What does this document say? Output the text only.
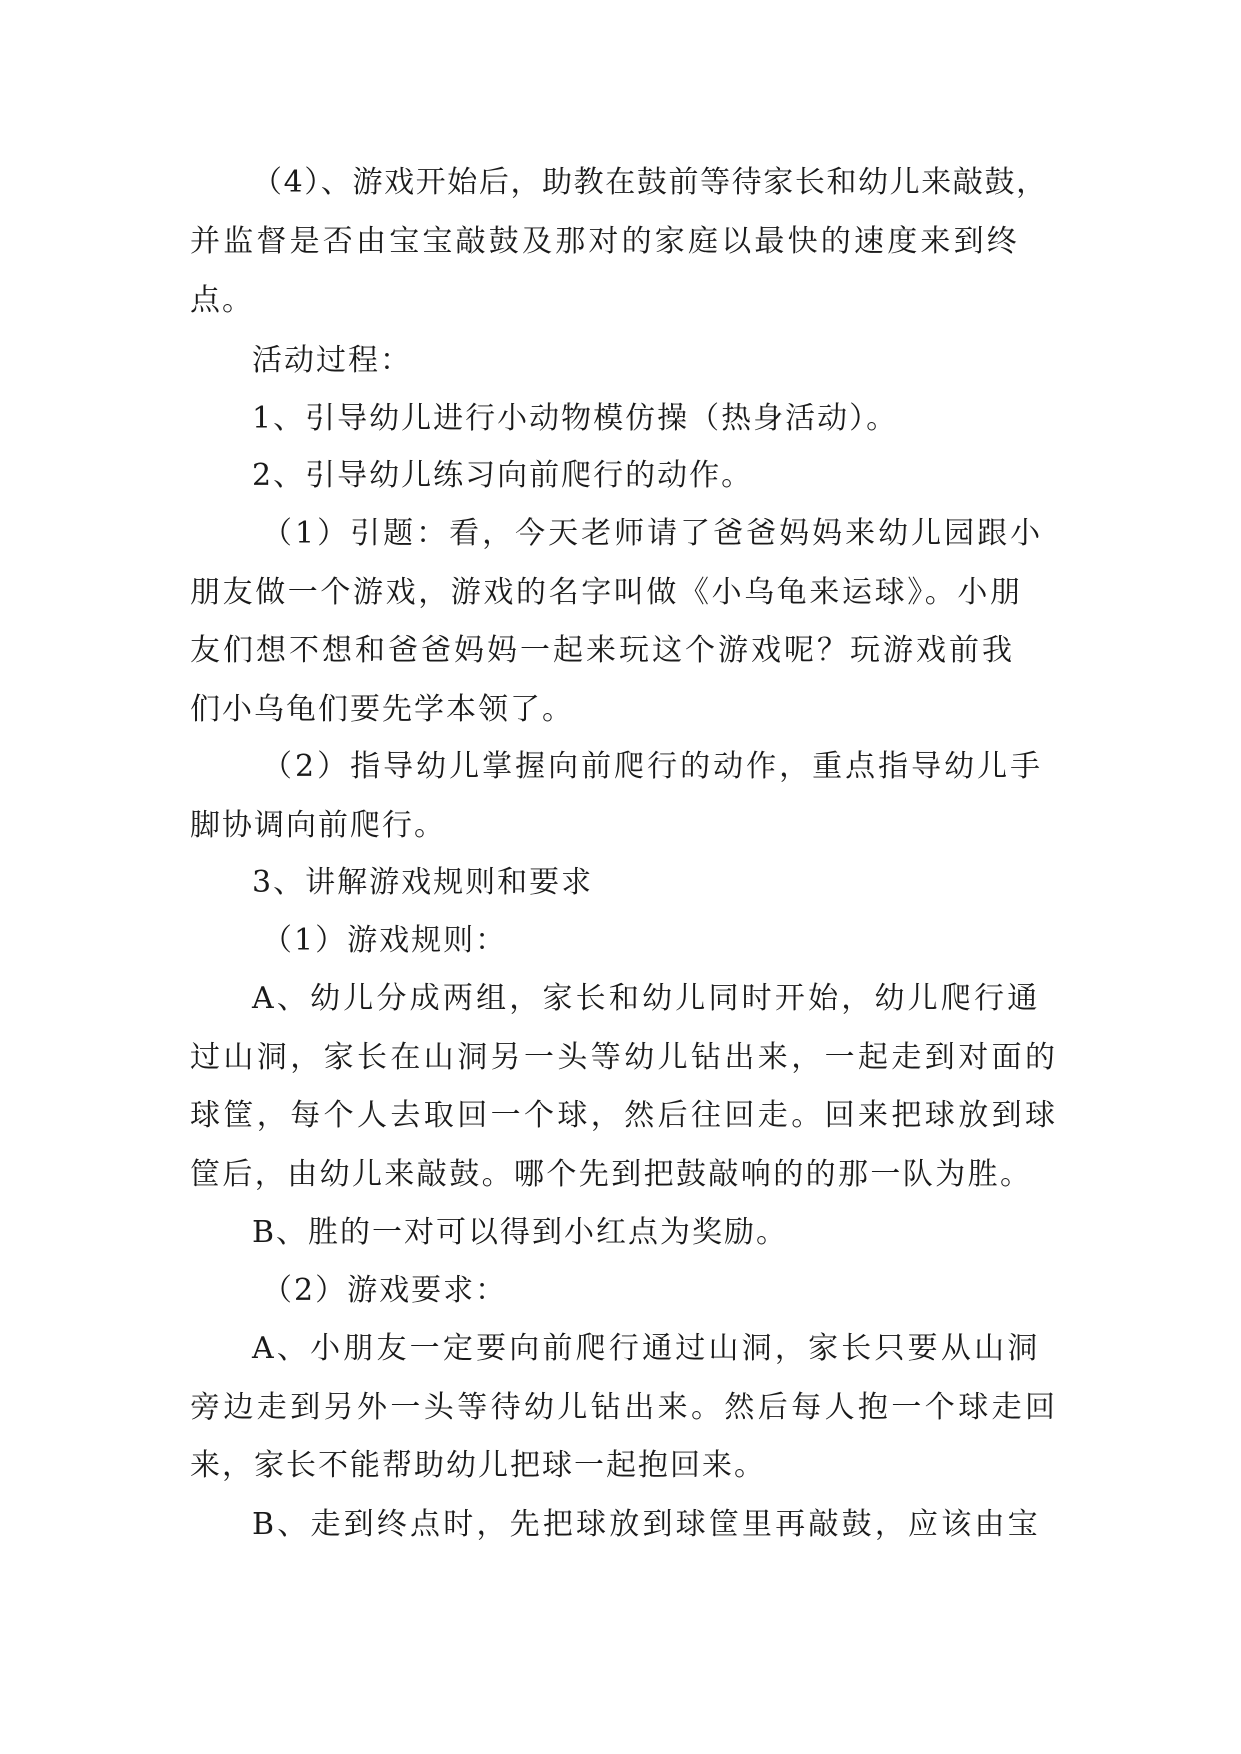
（4）、游戏开始后，助教在鼓前等待家长和幼儿来敲鼓，
并监督是否由宝宝敲鼓及那对的家庭以最快的速度来到终
点。
活动过程：
1、引导幼儿进行小动物模仿操（热身活动）。
2、引导幼儿练习向前爬行的动作。
（1）引题：看，今天老师请了爸爸妈妈来幼儿园跟小
朋友做一个游戏，游戏的名字叫做《小乌龟来运球》。小朋
友们想不想和爸爸妈妈一起来玩这个游戏呢？玩游戏前我
们小乌龟们要先学本领了。
（2）指导幼儿掌握向前爬行的动作，重点指导幼儿手
脚协调向前爬行。
3、讲解游戏规则和要求
（1）游戏规则：
A、幼儿分成两组，家长和幼儿同时开始，幼儿爬行通
过山洞，家长在山洞另一头等幼儿钻出来，一起走到对面的
球筐，每个人去取回一个球，然后往回走。回来把球放到球
筐后，由幼儿来敲鼓。哪个先到把鼓敲响的的那一队为胜。
B、胜的一对可以得到小红点为奖励。
（2）游戏要求：
A、小朋友一定要向前爬行通过山洞，家长只要从山洞
旁边走到另外一头等待幼儿钻出来。然后每人抱一个球走回
来，家长不能帮助幼儿把球一起抱回来。
B、走到终点时，先把球放到球筐里再敲鼓，应该由宝
